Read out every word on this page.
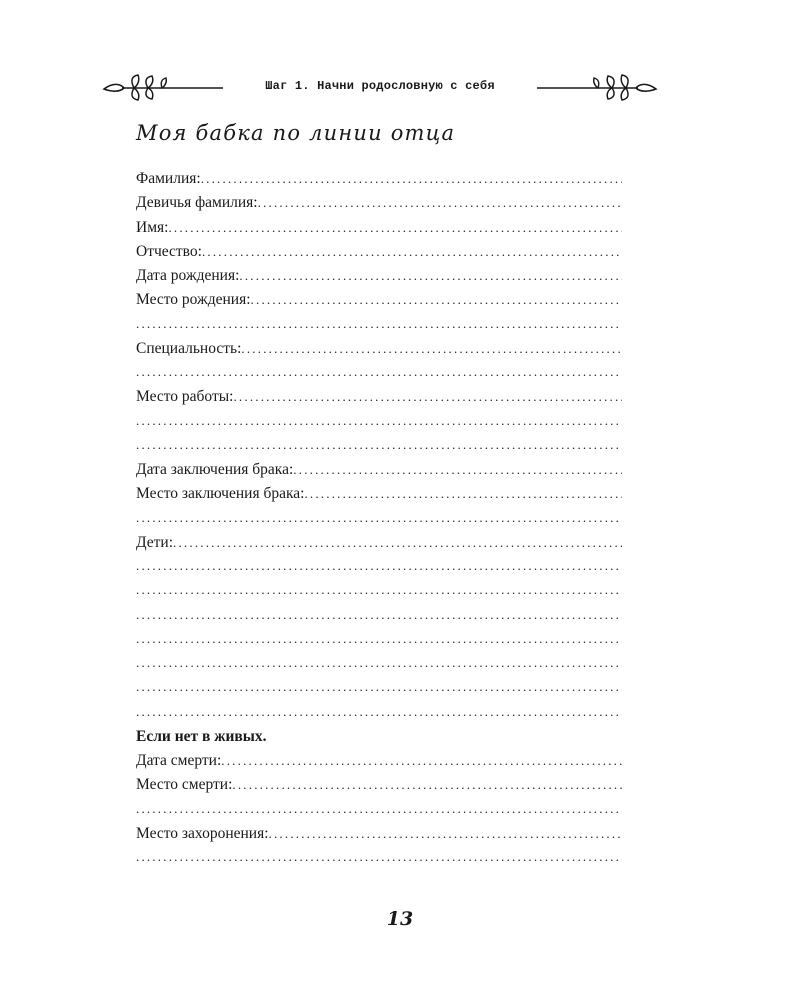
Шаг 1. Начни родословную с себя
Моя бабка по линии отца
Фамилия:
.....
Девичья фамилия:
.....
Имя:
.....
Отчество:
.....
Дата рождения:
.....
Место рождения:
.....
.....
Специальность:
.....
.....
Место работы:
.....
.....
.....
Дата заключения брака:
.....
Место заключения брака:
.....
.....
Дети:
.....
.....
.....
.....
.....
.....
.....
.....
Если нет в живых.
Дата смерти:
.....
Место смерти:
.....
.....
Место захоронения:
.....
.....
13
